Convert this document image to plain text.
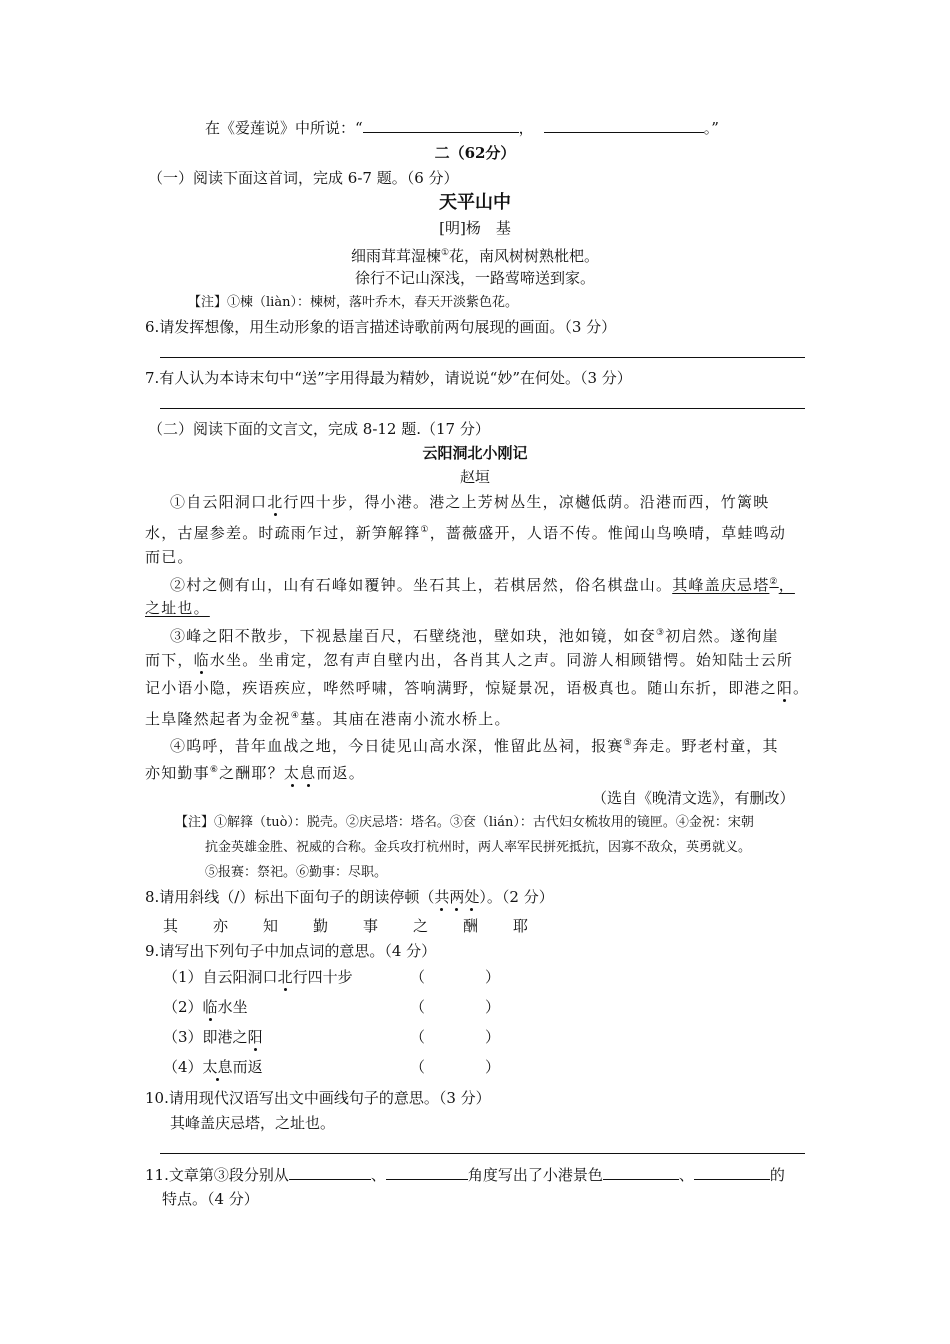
在《爱莲说》中所说：“	，	。”
二（62分）
（一）阅读下面这首词，完成 6-7 题。（6 分）
天平山中
[明]杨　基
细雨茸茸湿楝①花，南风树树熟枇杷。
徐行不记山深浅，一路莺啼送到家。
【注】①楝（liàn）：楝树，落叶乔木，春天开淡紫色花。
6.请发挥想像，用生动形象的语言描述诗歌前两句展现的画面。（3 分）
7.有人认为本诗末句中“送”字用得最为精妙，请说说“妙”在何处。（3 分）
（二）阅读下面的文言文，完成 8-12 题.（17 分）
云阳洞北小刚记
赵垣
①自云阳洞口北行四十步，得小港。港之上芳树丛生，凉樾低荫。沿港而西，竹篱映
水，古屋参差。时疏雨乍过，新笋解箨①，蔷薇盛开，人语不传。惟闻山鸟唤晴，草蛙鸣动
而已。
②村之侧有山，山有石峰如覆钟。坐石其上，若棋居然，俗名棋盘山。其峰盖庆忌塔②，
之址也。
③峰之阳不散步，下视悬崖百尺，石壁绕池，壁如玦，池如镜，如奁③初启然。遂徇崖
而下，临水坐。坐甫定，忽有声自壁内出，各肖其人之声。同游人相顾错愕。始知陆士云所
记小语小隐，疾语疾应，哗然呼啸，答响满野，惊疑景况，语极真也。随山东折，即港之阳。
土阜隆然起者为金祝④墓。其庙在港南小流水桥上。
④呜呼，昔年血战之地，今日徒见山高水深，惟留此丛祠，报赛⑤奔走。野老村童，其
亦知勤事⑥之酬耶？太息而返。
（选自《晚清文选》，有删改）
【注】①解箨（tuò）：脱壳。②庆忌塔：塔名。③奁（lián）：古代妇女梳妆用的镜匣。④金祝：宋朝
抗金英雄金胜、祝威的合称。金兵攻打杭州时，两人率军民拼死抵抗，因寡不敌众，英勇就义。
⑤报赛：祭祀。⑥勤事：尽职。
8.请用斜线（/）标出下面句子的朗读停顿（共两处）。（2 分）
其 亦 知 勤 事 之 酬 耶
9.请写出下列句子中加点词的意思。（4 分）
（1）自云阳洞口北行四十步	（　　　　）
（2）临水坐	（　　　　）
（3）即港之阳	（　　　　）
（4）太息而返	（　　　　）
10.请用现代汉语写出文中画线句子的意思。（3 分）
其峰盖庆忌塔，之址也。
11.文章第③段分别从	、	角度写出了小港景色	、	的
特点。（4 分）
